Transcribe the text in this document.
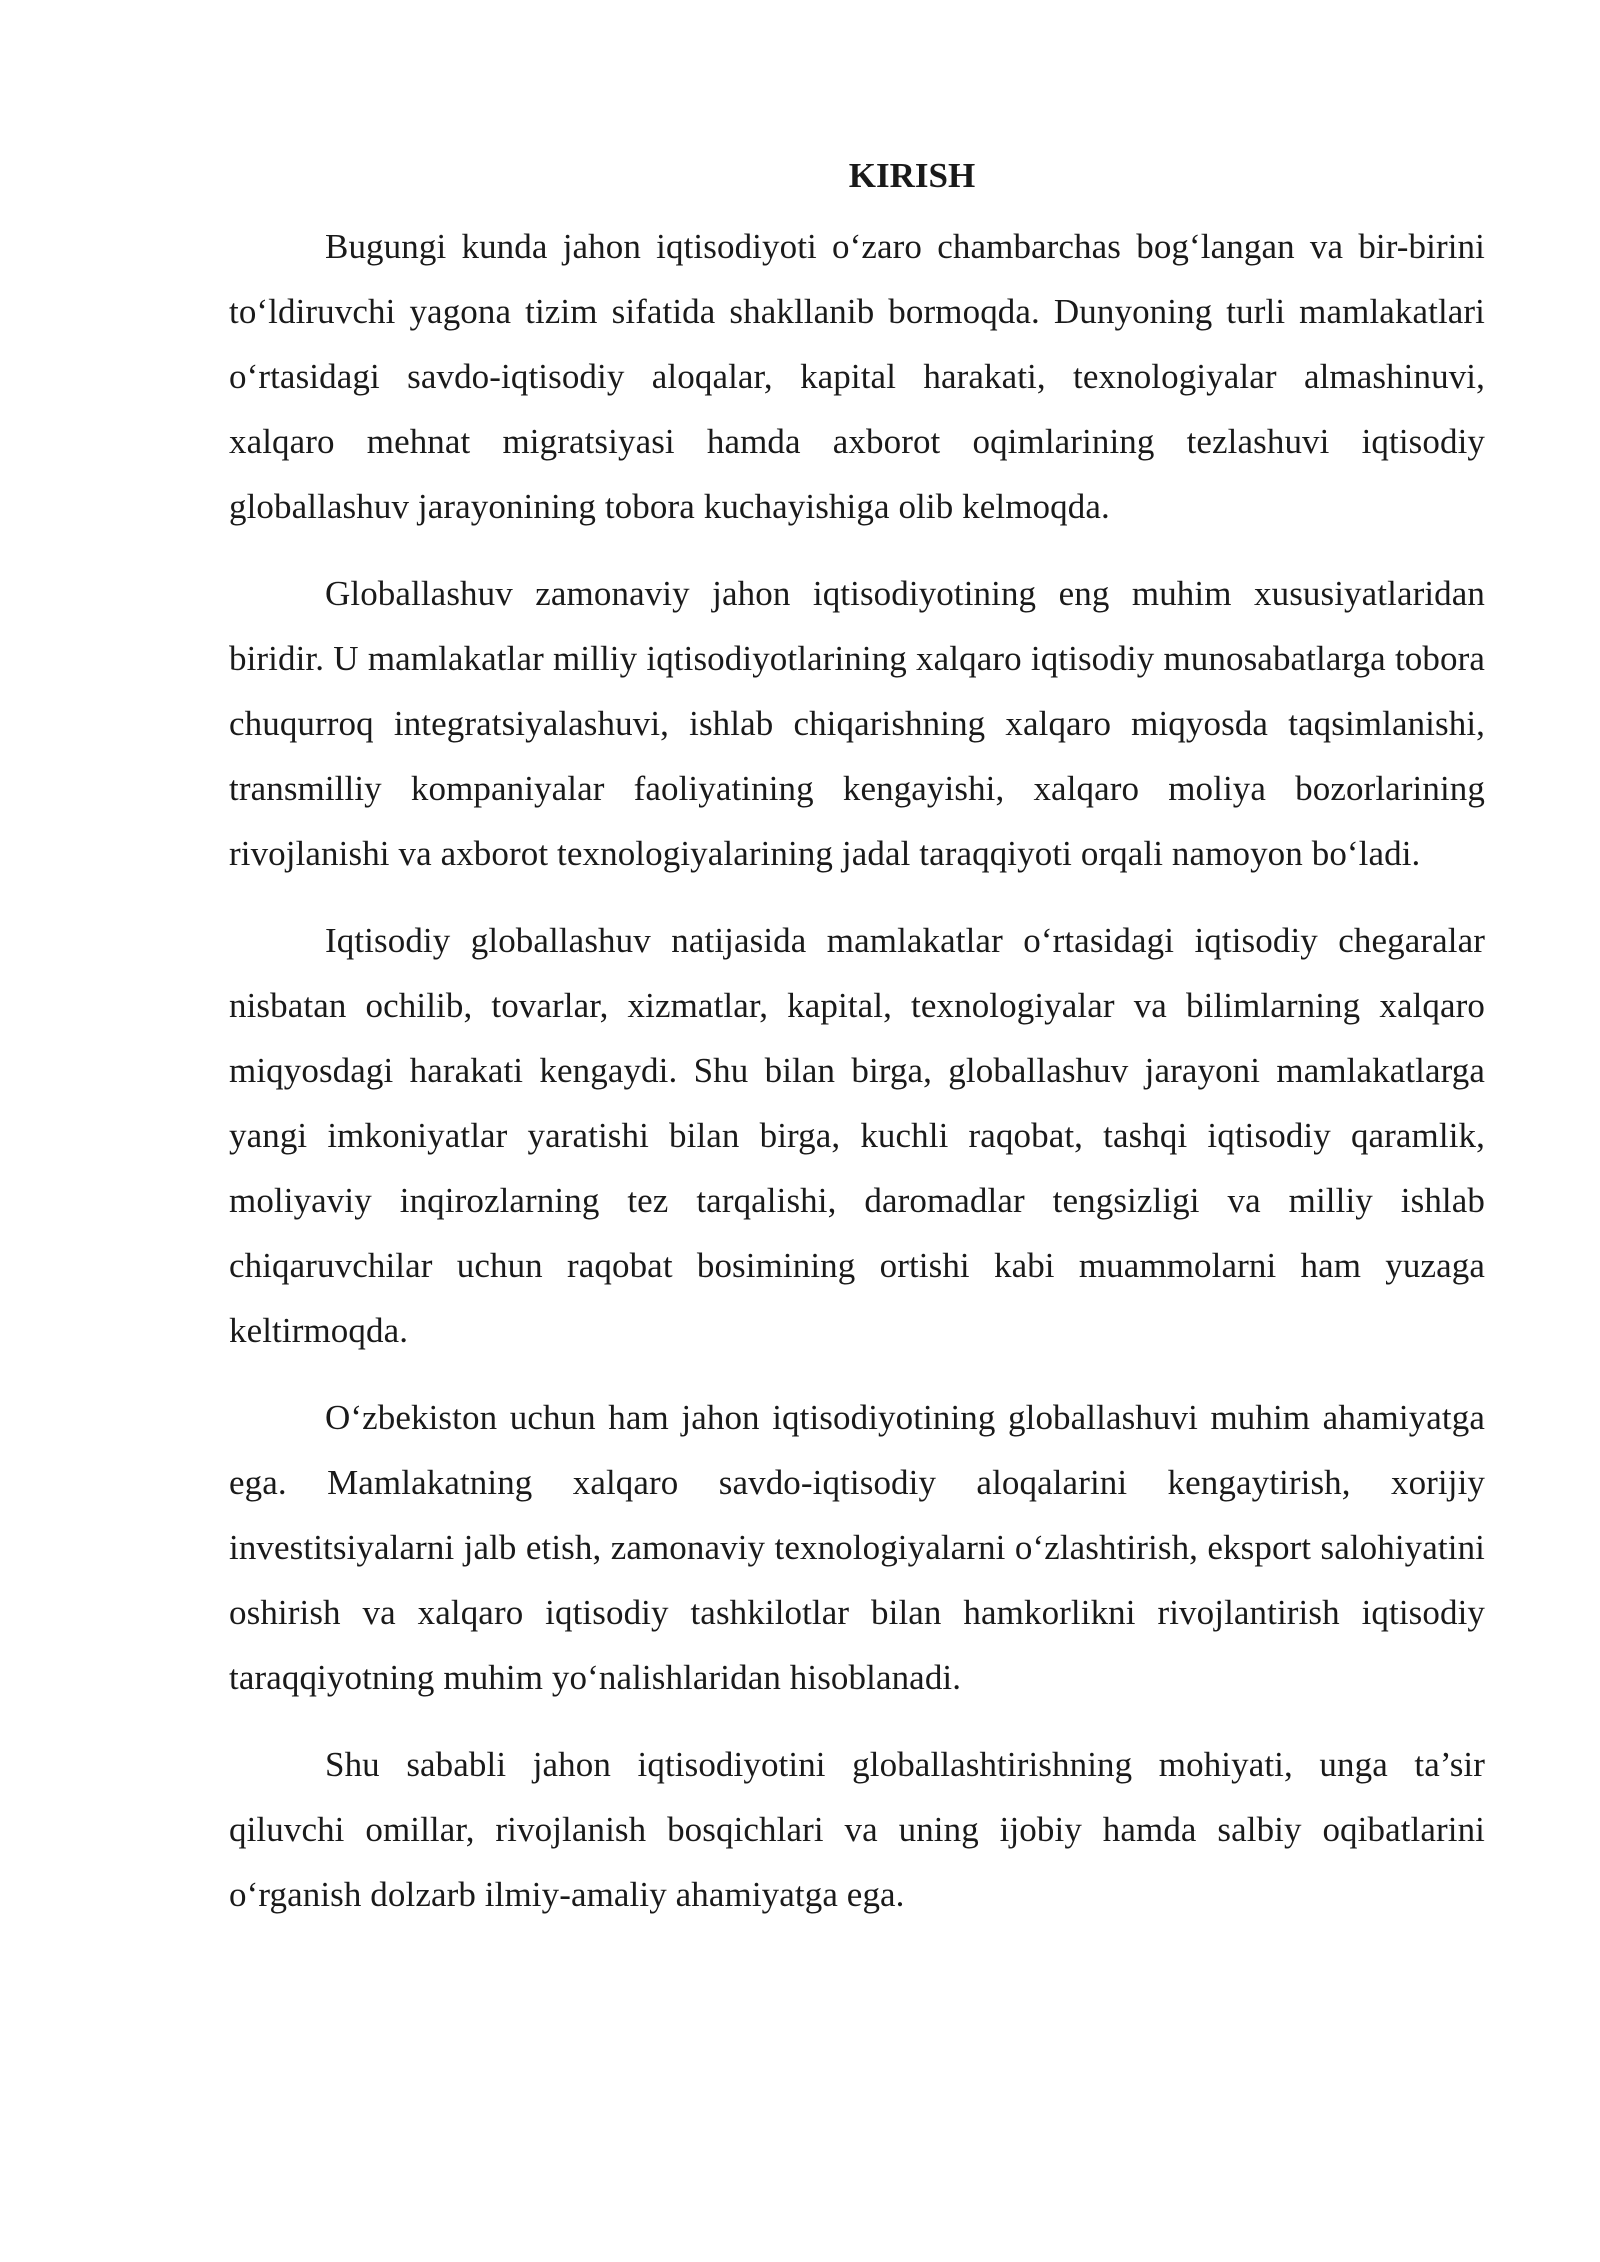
KIRISH

Bugungi kunda jahon iqtisodiyoti o‘zaro chambarchas bog‘langan va bir-birini to‘ldiruvchi yagona tizim sifatida shakllanib bormoqda. Dunyoning turli mamlakatlari o‘rtasidagi savdo-iqtisodiy aloqalar, kapital harakati, texnologiyalar almashinuvi, xalqaro mehnat migratsiyasi hamda axborot oqimlarining tezlashuvi iqtisodiy globallashuv jarayonining tobora kuchayishiga olib kelmoqda.

Globallashuv zamonaviy jahon iqtisodiyotining eng muhim xususiyatlaridan biridir. U mamlakatlar milliy iqtisodiyotlarining xalqaro iqtisodiy munosabatlarga tobora chuqurroq integratsiyalashuvi, ishlab chiqarishning xalqaro miqyosda taqsimlanishi, transmilliy kompaniyalar faoliyatining kengayishi, xalqaro moliya bozorlarining rivojlanishi va axborot texnologiyalarining jadal taraqqiyoti orqali namoyon bo‘ladi.

Iqtisodiy globallashuv natijasida mamlakatlar o‘rtasidagi iqtisodiy chegaralar nisbatan ochilib, tovarlar, xizmatlar, kapital, texnologiyalar va bilimlarning xalqaro miqyosdagi harakati kengaydi. Shu bilan birga, globallashuv jarayoni mamlakatlarga yangi imkoniyatlar yaratishi bilan birga, kuchli raqobat, tashqi iqtisodiy qaramlik, moliyaviy inqirozlarning tez tarqalishi, daromadlar tengsizligi va milliy ishlab chiqaruvchilar uchun raqobat bosimining ortishi kabi muammolarni ham yuzaga keltirmoqda.

O‘zbekiston uchun ham jahon iqtisodiyotining globallashuvi muhim ahamiyatga ega. Mamlakatning xalqaro savdo-iqtisodiy aloqalarini kengaytirish, xorijiy investitsiyalarni jalb etish, zamonaviy texnologiyalarni o‘zlashtirish, eksport salohiyatini oshirish va xalqaro iqtisodiy tashkilotlar bilan hamkorlikni rivojlantirish iqtisodiy taraqqiyotning muhim yo‘nalishlaridan hisoblanadi.

Shu sababli jahon iqtisodiyotini globallashtirishning mohiyati, unga ta’sir qiluvchi omillar, rivojlanish bosqichlari va uning ijobiy hamda salbiy oqibatlarini o‘rganish dolzarb ilmiy-amaliy ahamiyatga ega.
